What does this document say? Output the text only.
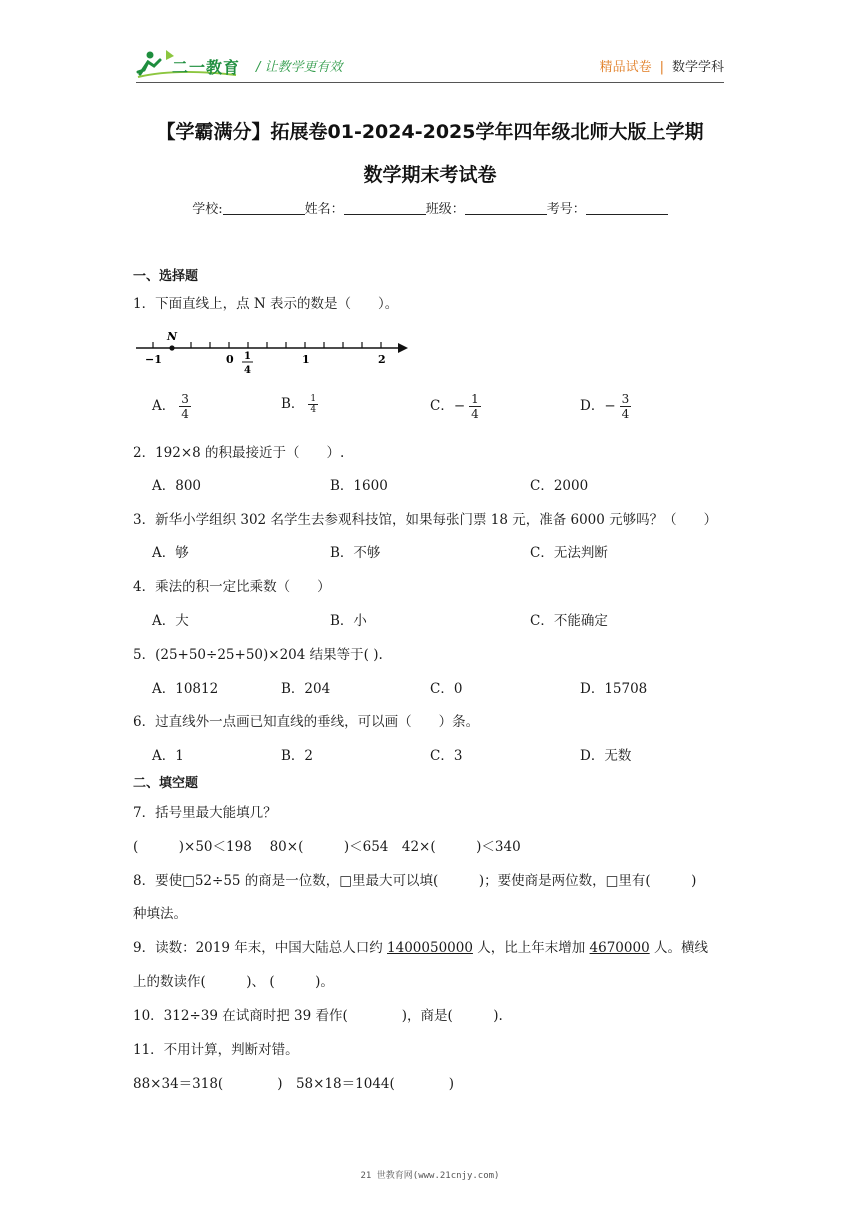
二一教育 / 让教学更有效	精品试卷 | 数学学科
【学霸满分】拓展卷01-2024-2025学年四年级北师大版上学期
数学期末考试卷
学校:	姓名：	班级：	考号：
一、选择题
1．下面直线上，点 N 表示的数是（　　）。
N
−1	0 1
4
1	2
A． $\frac{3}{4}$	B． $\frac{1}{4}$	C．− $\frac{1}{4}$	D．− $\frac{3}{4}$
2．192×8 的积最接近于（　　）.
A．800	B．1600	C．2000
3．新华小学组织 302 名学生去参观科技馆，如果每张门票 18 元，准备 6000 元够吗？（　　）
A．够	B．不够	C．无法判断
4．乘法的积一定比乘数（　　）
A．大	B．小	C．不能确定
5．(25+50÷25+50)×204 结果等于( ).
A．10812	B．204	C．0	D．15708
6．过直线外一点画已知直线的垂线，可以画（　　）条。
A．1	B．2	C．3	D．无数
二、填空题
7．括号里最大能填几？
(　　　)×50＜198　 80×(　　　)＜654　42×(　　　)＜340
8．要使□52÷55 的商是一位数，□里最大可以填(　　　)；要使商是两位数，□里有(　　　)
种填法。
9．读数：2019 年末，中国大陆总人口约 1400050000 人，比上年末增加 4670000 人。横线
上的数读作(　　　)、 (　　　)。
10．312÷39 在试商时把 39 看作(　　　　)，商是(　　　).
11．不用计算，判断对错。
88×34＝318(　　　　)　58×18＝1044(　　　　)
21 世教育网(www.21cnjy.com)
